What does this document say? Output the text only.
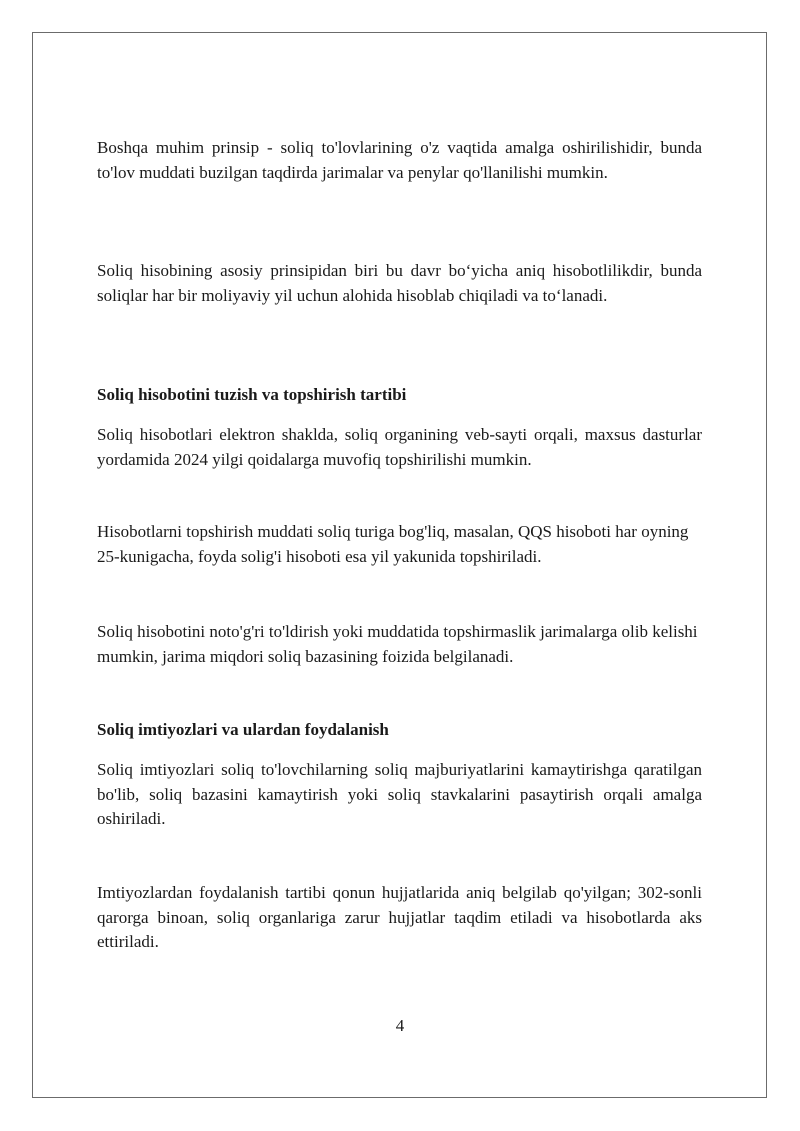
Boshqa muhim prinsip - soliq to'lovlarining o'z vaqtida amalga oshirilishidir, bunda to'lov muddati buzilgan taqdirda jarimalar va penylar qo'llanilishi mumkin.

Soliq hisobining asosiy prinsipidan biri bu davr bo‘yicha aniq hisobotlilikdir, bunda soliqlar har bir moliyaviy yil uchun alohida hisoblab chiqiladi va to‘lanadi.

Soliq hisobotini tuzish va topshirish tartibi

Soliq hisobotlari elektron shaklda, soliq organining veb-sayti orqali, maxsus dasturlar yordamida 2024 yilgi qoidalarga muvofiq topshirilishi mumkin.

Hisobotlarni topshirish muddati soliq turiga bog'liq, masalan, QQS hisoboti har oyning 25-kunigacha, foyda solig'i hisoboti esa yil yakunida topshiriladi.

Soliq hisobotini noto'g'ri to'ldirish yoki muddatida topshirmaslik jarimalarga olib kelishi mumkin, jarima miqdori soliq bazasining foizida belgilanadi.

Soliq imtiyozlari va ulardan foydalanish

Soliq imtiyozlari soliq to'lovchilarning soliq majburiyatlarini kamaytirishga qaratilgan bo'lib, soliq bazasini kamaytirish yoki soliq stavkalarini pasaytirish orqali amalga oshiriladi.

Imtiyozlardan foydalanish tartibi qonun hujjatlarida aniq belgilab qo'yilgan; 302-sonli qarorga binoan, soliq organlariga zarur hujjatlar taqdim etiladi va hisobotlarda aks ettiriladi.

4
